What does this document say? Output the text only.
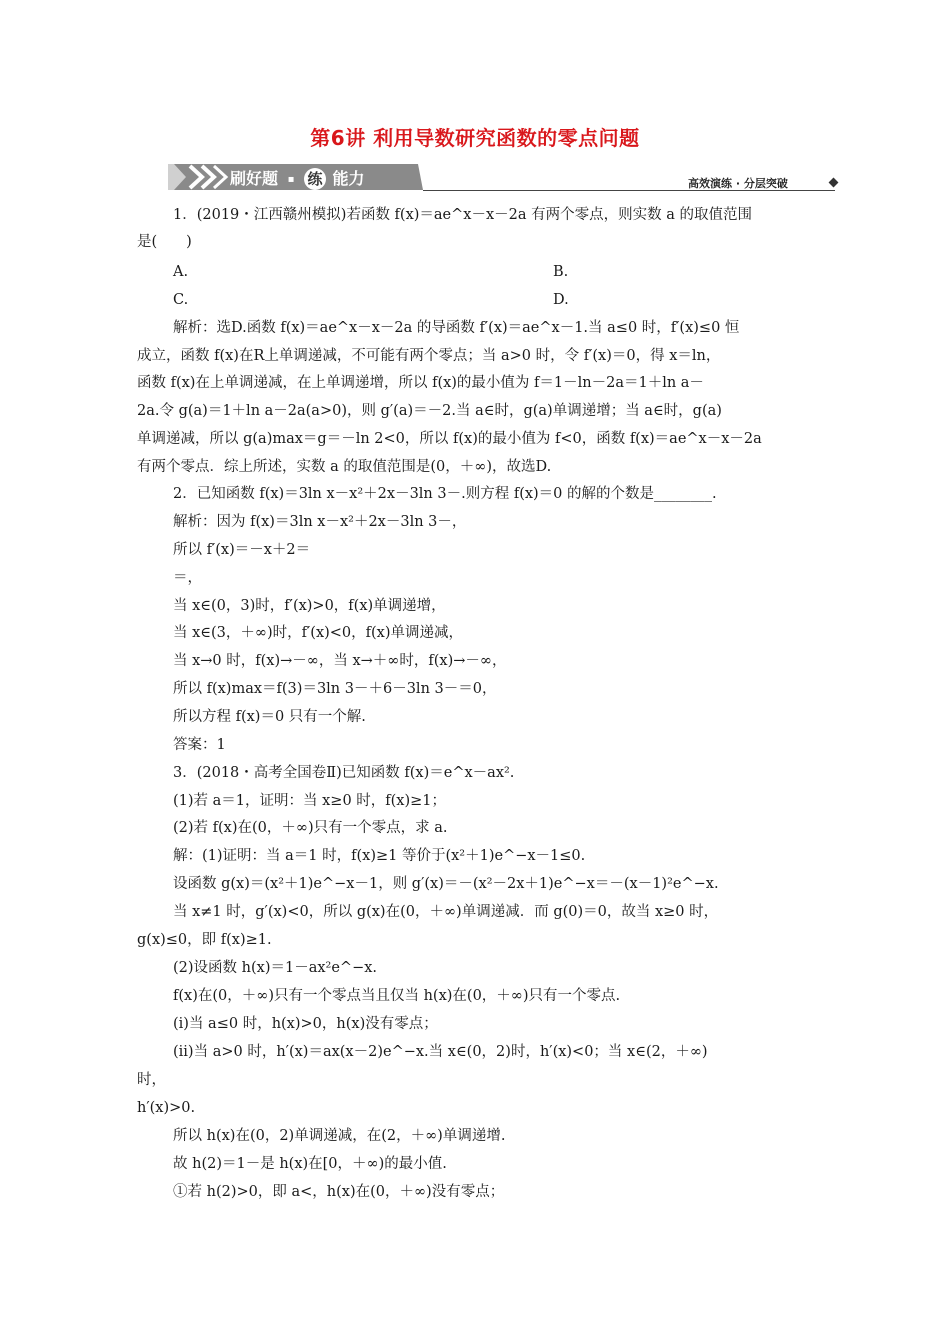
第6讲 利用导数研究函数的零点问题
刷好题 ▪ 练 能力	高效演练 · 分层突破
1．(2019・江西赣州模拟)若函数 f(x)＝ae^x－x－2a 有两个零点，则实数 a 的取值范围
是(　　)
A.	B.
C.	D.
解析：选D.函数 f(x)＝ae^x－x－2a 的导函数 f′(x)＝ae^x－1.当 a≤0 时，f′(x)≤0 恒
成立，函数 f(x)在R上单调递减，不可能有两个零点；当 a>0 时，令 f′(x)＝0，得 x＝ln，
函数 f(x)在上单调递减，在上单调递增，所以 f(x)的最小值为 f＝1－ln－2a＝1＋ln a－
2a.令 g(a)＝1＋ln a－2a(a>0)，则 g′(a)＝－2.当 a∈时，g(a)单调递增；当 a∈时，g(a)
单调递减，所以 g(a)max＝g＝－ln 2<0，所以 f(x)的最小值为 f<0，函数 f(x)＝ae^x－x－2a
有两个零点．综上所述，实数 a 的取值范围是(0，＋∞)，故选D.
2．已知函数 f(x)＝3ln x－x²＋2x－3ln 3－.则方程 f(x)＝0 的解的个数是________.
解析：因为 f(x)＝3ln x－x²＋2x－3ln 3－，
所以 f′(x)＝－x＋2＝
＝，
当 x∈(0，3)时，f′(x)>0，f(x)单调递增，
当 x∈(3，＋∞)时，f′(x)<0，f(x)单调递减，
当 x→0 时，f(x)→－∞，当 x→＋∞时，f(x)→－∞，
所以 f(x)max＝f(3)＝3ln 3－＋6－3ln 3－＝0，
所以方程 f(x)＝0 只有一个解.
答案：1
3．(2018・高考全国卷Ⅱ)已知函数 f(x)＝e^x－ax².
(1)若 a＝1，证明：当 x≥0 时，f(x)≥1；
(2)若 f(x)在(0，＋∞)只有一个零点，求 a.
解：(1)证明：当 a＝1 时，f(x)≥1 等价于(x²＋1)e^−x－1≤0.
设函数 g(x)＝(x²＋1)e^−x－1，则 g′(x)＝－(x²－2x＋1)e^−x＝－(x－1)²e^−x.
当 x≠1 时，g′(x)<0，所以 g(x)在(0，＋∞)单调递减．而 g(0)＝0，故当 x≥0 时，
g(x)≤0，即 f(x)≥1.
(2)设函数 h(x)＝1－ax²e^−x.
f(x)在(0，＋∞)只有一个零点当且仅当 h(x)在(0，＋∞)只有一个零点.
(ⅰ)当 a≤0 时，h(x)>0，h(x)没有零点；
(ⅱ)当 a>0 时，h′(x)＝ax(x－2)e^−x.当 x∈(0，2)时，h′(x)<0；当 x∈(2，＋∞)
时，
h′(x)>0.
所以 h(x)在(0，2)单调递减，在(2，＋∞)单调递增.
故 h(2)＝1－是 h(x)在[0，＋∞)的最小值.
①若 h(2)>0，即 a<，h(x)在(0，＋∞)没有零点；
